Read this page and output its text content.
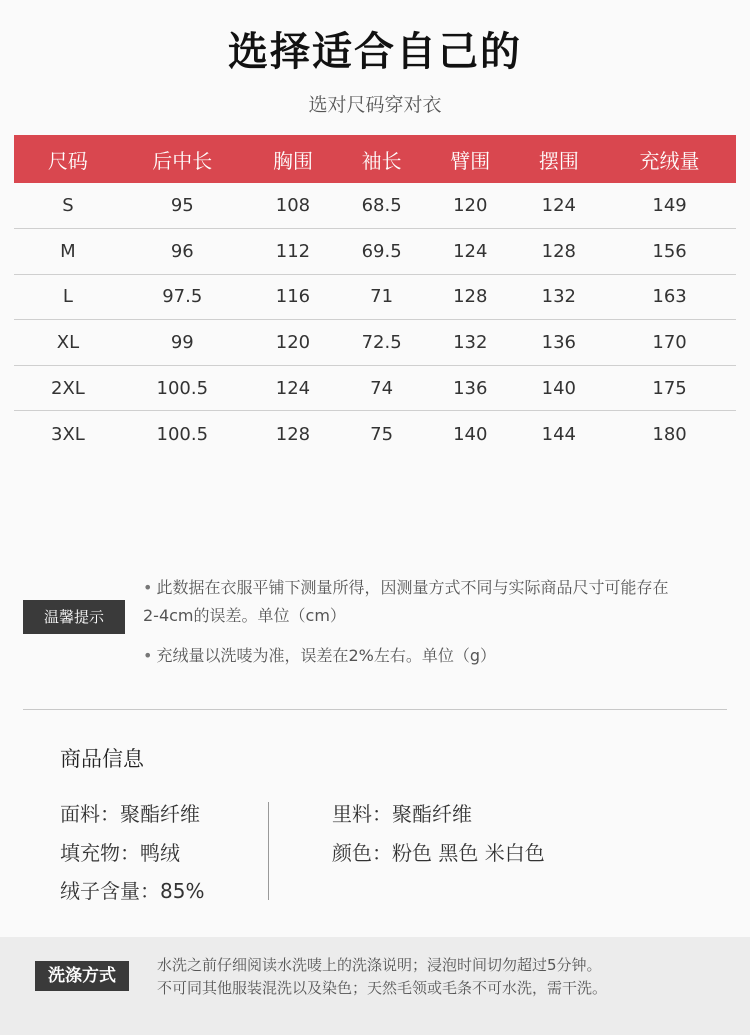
选择适合自己的
选对尺码穿对衣
尺码	后中长	胸围	袖长	臂围	摆围	充绒量
S	95	108	68.5	120	124	149
M	96	112	69.5	124	128	156
L	97.5	116	71	128	132	163
XL	99	120	72.5	132	136	170
2XL	100.5	124	74	136	140	175
3XL	100.5	128	75	140	144	180
温馨提示
• 此数据在衣服平铺下测量所得，因测量方式不同与实际商品尺寸可能存在
2-4cm的误差。单位（cm）
• 充绒量以洗唛为准，误差在2%左右。单位（g）
商品信息
面料：聚酯纤维
填充物：鸭绒
绒子含量：85%
里料：聚酯纤维
颜色：粉色 黑色 米白色
洗涤方式
水洗之前仔细阅读水洗唛上的洗涤说明；浸泡时间切勿超过5分钟。
不可同其他服装混洗以及染色；天然毛领或毛条不可水洗，需干洗。
